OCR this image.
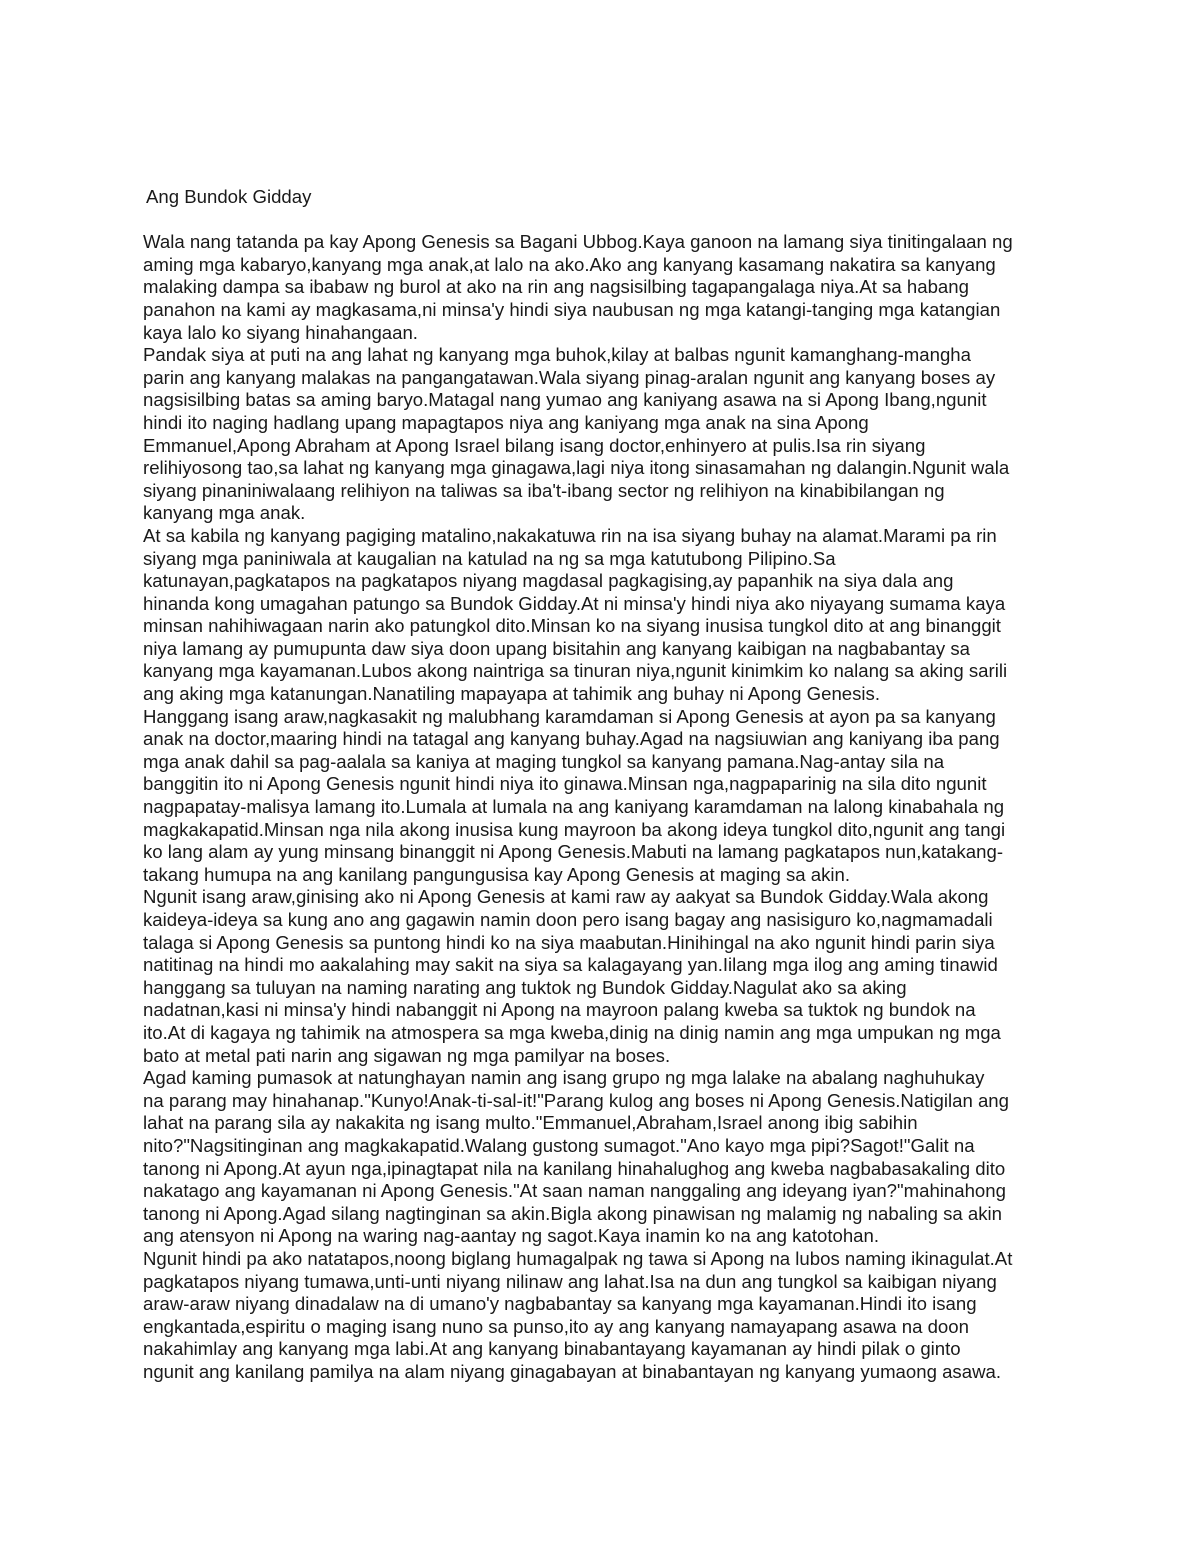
Ang Bundok Gidday

Wala nang tatanda pa kay Apong Genesis sa Bagani Ubbog.Kaya ganoon na lamang siya tinitingalaan ng
aming mga kabaryo,kanyang mga anak,at lalo na ako.Ako ang kanyang kasamang nakatira sa kanyang
malaking dampa sa ibabaw ng burol at ako na rin ang nagsisilbing tagapangalaga niya.At sa habang
panahon na kami ay magkasama,ni minsa'y hindi siya naubusan ng mga katangi-tanging mga katangian
kaya lalo ko siyang hinahangaan.

Pandak siya at puti na ang lahat ng kanyang mga buhok,kilay at balbas ngunit kamanghang-mangha
parin ang kanyang malakas na pangangatawan.Wala siyang pinag-aralan ngunit ang kanyang boses ay
nagsisilbing batas sa aming baryo.Matagal nang yumao ang kaniyang asawa na si Apong Ibang,ngunit
hindi ito naging hadlang upang mapagtapos niya ang kaniyang mga anak na sina Apong
Emmanuel,Apong Abraham at Apong Israel bilang isang doctor,enhinyero at pulis.Isa rin siyang
relihiyosong tao,sa lahat ng kanyang mga ginagawa,lagi niya itong sinasamahan ng dalangin.Ngunit wala
siyang pinaniniwalaang relihiyon na taliwas sa iba't-ibang sector ng relihiyon na kinabibilangan ng
kanyang mga anak.

At sa kabila ng kanyang pagiging matalino,nakakatuwa rin na isa siyang buhay na alamat.Marami pa rin
siyang mga paniniwala at kaugalian na katulad na ng sa mga katutubong Pilipino.Sa
katunayan,pagkatapos na pagkatapos niyang magdasal pagkagising,ay papanhik na siya dala ang
hinanda kong umagahan patungo sa Bundok Gidday.At ni minsa'y hindi niya ako niyayang sumama kaya
minsan nahihiwagaan narin ako patungkol dito.Minsan ko na siyang inusisa tungkol dito at ang binanggit
niya lamang ay pumupunta daw siya doon upang bisitahin ang kanyang kaibigan na nagbabantay sa
kanyang mga kayamanan.Lubos akong naintriga sa tinuran niya,ngunit kinimkim ko nalang sa aking sarili
ang aking mga katanungan.Nanatiling mapayapa at tahimik ang buhay ni Apong Genesis.

Hanggang isang araw,nagkasakit ng malubhang karamdaman si Apong Genesis at ayon pa sa kanyang
anak na doctor,maaring hindi na tatagal ang kanyang buhay.Agad na nagsiuwian ang kaniyang iba pang
mga anak dahil sa pag-aalala sa kaniya at maging tungkol sa kanyang pamana.Nag-antay sila na
banggitin ito ni Apong Genesis ngunit hindi niya ito ginawa.Minsan nga,nagpaparinig na sila dito ngunit
nagpapatay-malisya lamang ito.Lumala at lumala na ang kaniyang karamdaman na lalong kinabahala ng
magkakapatid.Minsan nga nila akong inusisa kung mayroon ba akong ideya tungkol dito,ngunit ang tangi
ko lang alam ay yung minsang binanggit ni Apong Genesis.Mabuti na lamang pagkatapos nun,katakang-
takang humupa na ang kanilang pangungusisa kay Apong Genesis at maging sa akin.

Ngunit isang araw,ginising ako ni Apong Genesis at kami raw ay aakyat sa Bundok Gidday.Wala akong
kaideya-ideya sa kung ano ang gagawin namin doon pero isang bagay ang nasisiguro ko,nagmamadali
talaga si Apong Genesis sa puntong hindi ko na siya maabutan.Hinihingal na ako ngunit hindi parin siya
natitinag na hindi mo aakalahing may sakit na siya sa kalagayang yan.Iilang mga ilog ang aming tinawid
hanggang sa tuluyan na naming narating ang tuktok ng Bundok Gidday.Nagulat ako sa aking
nadatnan,kasi ni minsa'y hindi nabanggit ni Apong na mayroon palang kweba sa tuktok ng bundok na
ito.At di kagaya ng tahimik na atmospera sa mga kweba,dinig na dinig namin ang mga umpukan ng mga
bato at metal pati narin ang sigawan ng mga pamilyar na boses.

Agad kaming pumasok at natunghayan namin ang isang grupo ng mga lalake na abalang naghuhukay
na parang may hinahanap."Kunyo!Anak-ti-sal-it!"Parang kulog ang boses ni Apong Genesis.Natigilan ang
lahat na parang sila ay nakakita ng isang multo."Emmanuel,Abraham,Israel anong ibig sabihin
nito?"Nagsitinginan ang magkakapatid.Walang gustong sumagot."Ano kayo mga pipi?Sagot!"Galit na
tanong ni Apong.At ayun nga,ipinagtapat nila na kanilang hinahalughog ang kweba nagbabasakaling dito
nakatago ang kayamanan ni Apong Genesis."At saan naman nanggaling ang ideyang iyan?"mahinahong
tanong ni Apong.Agad silang nagtinginan sa akin.Bigla akong pinawisan ng malamig ng nabaling sa akin
ang atensyon ni Apong na waring nag-aantay ng sagot.Kaya inamin ko na ang katotohan.

Ngunit hindi pa ako natatapos,noong biglang humagalpak ng tawa si Apong na lubos naming ikinagulat.At
pagkatapos niyang tumawa,unti-unti niyang nilinaw ang lahat.Isa na dun ang tungkol sa kaibigan niyang
araw-araw niyang dinadalaw na di umano'y nagbabantay sa kanyang mga kayamanan.Hindi ito isang
engkantada,espiritu o maging isang nuno sa punso,ito ay ang kanyang namayapang asawa na doon
nakahimlay ang kanyang mga labi.At ang kanyang binabantayang kayamanan ay hindi pilak o ginto
ngunit ang kanilang pamilya na alam niyang ginagabayan at binabantayan ng kanyang yumaong asawa.
